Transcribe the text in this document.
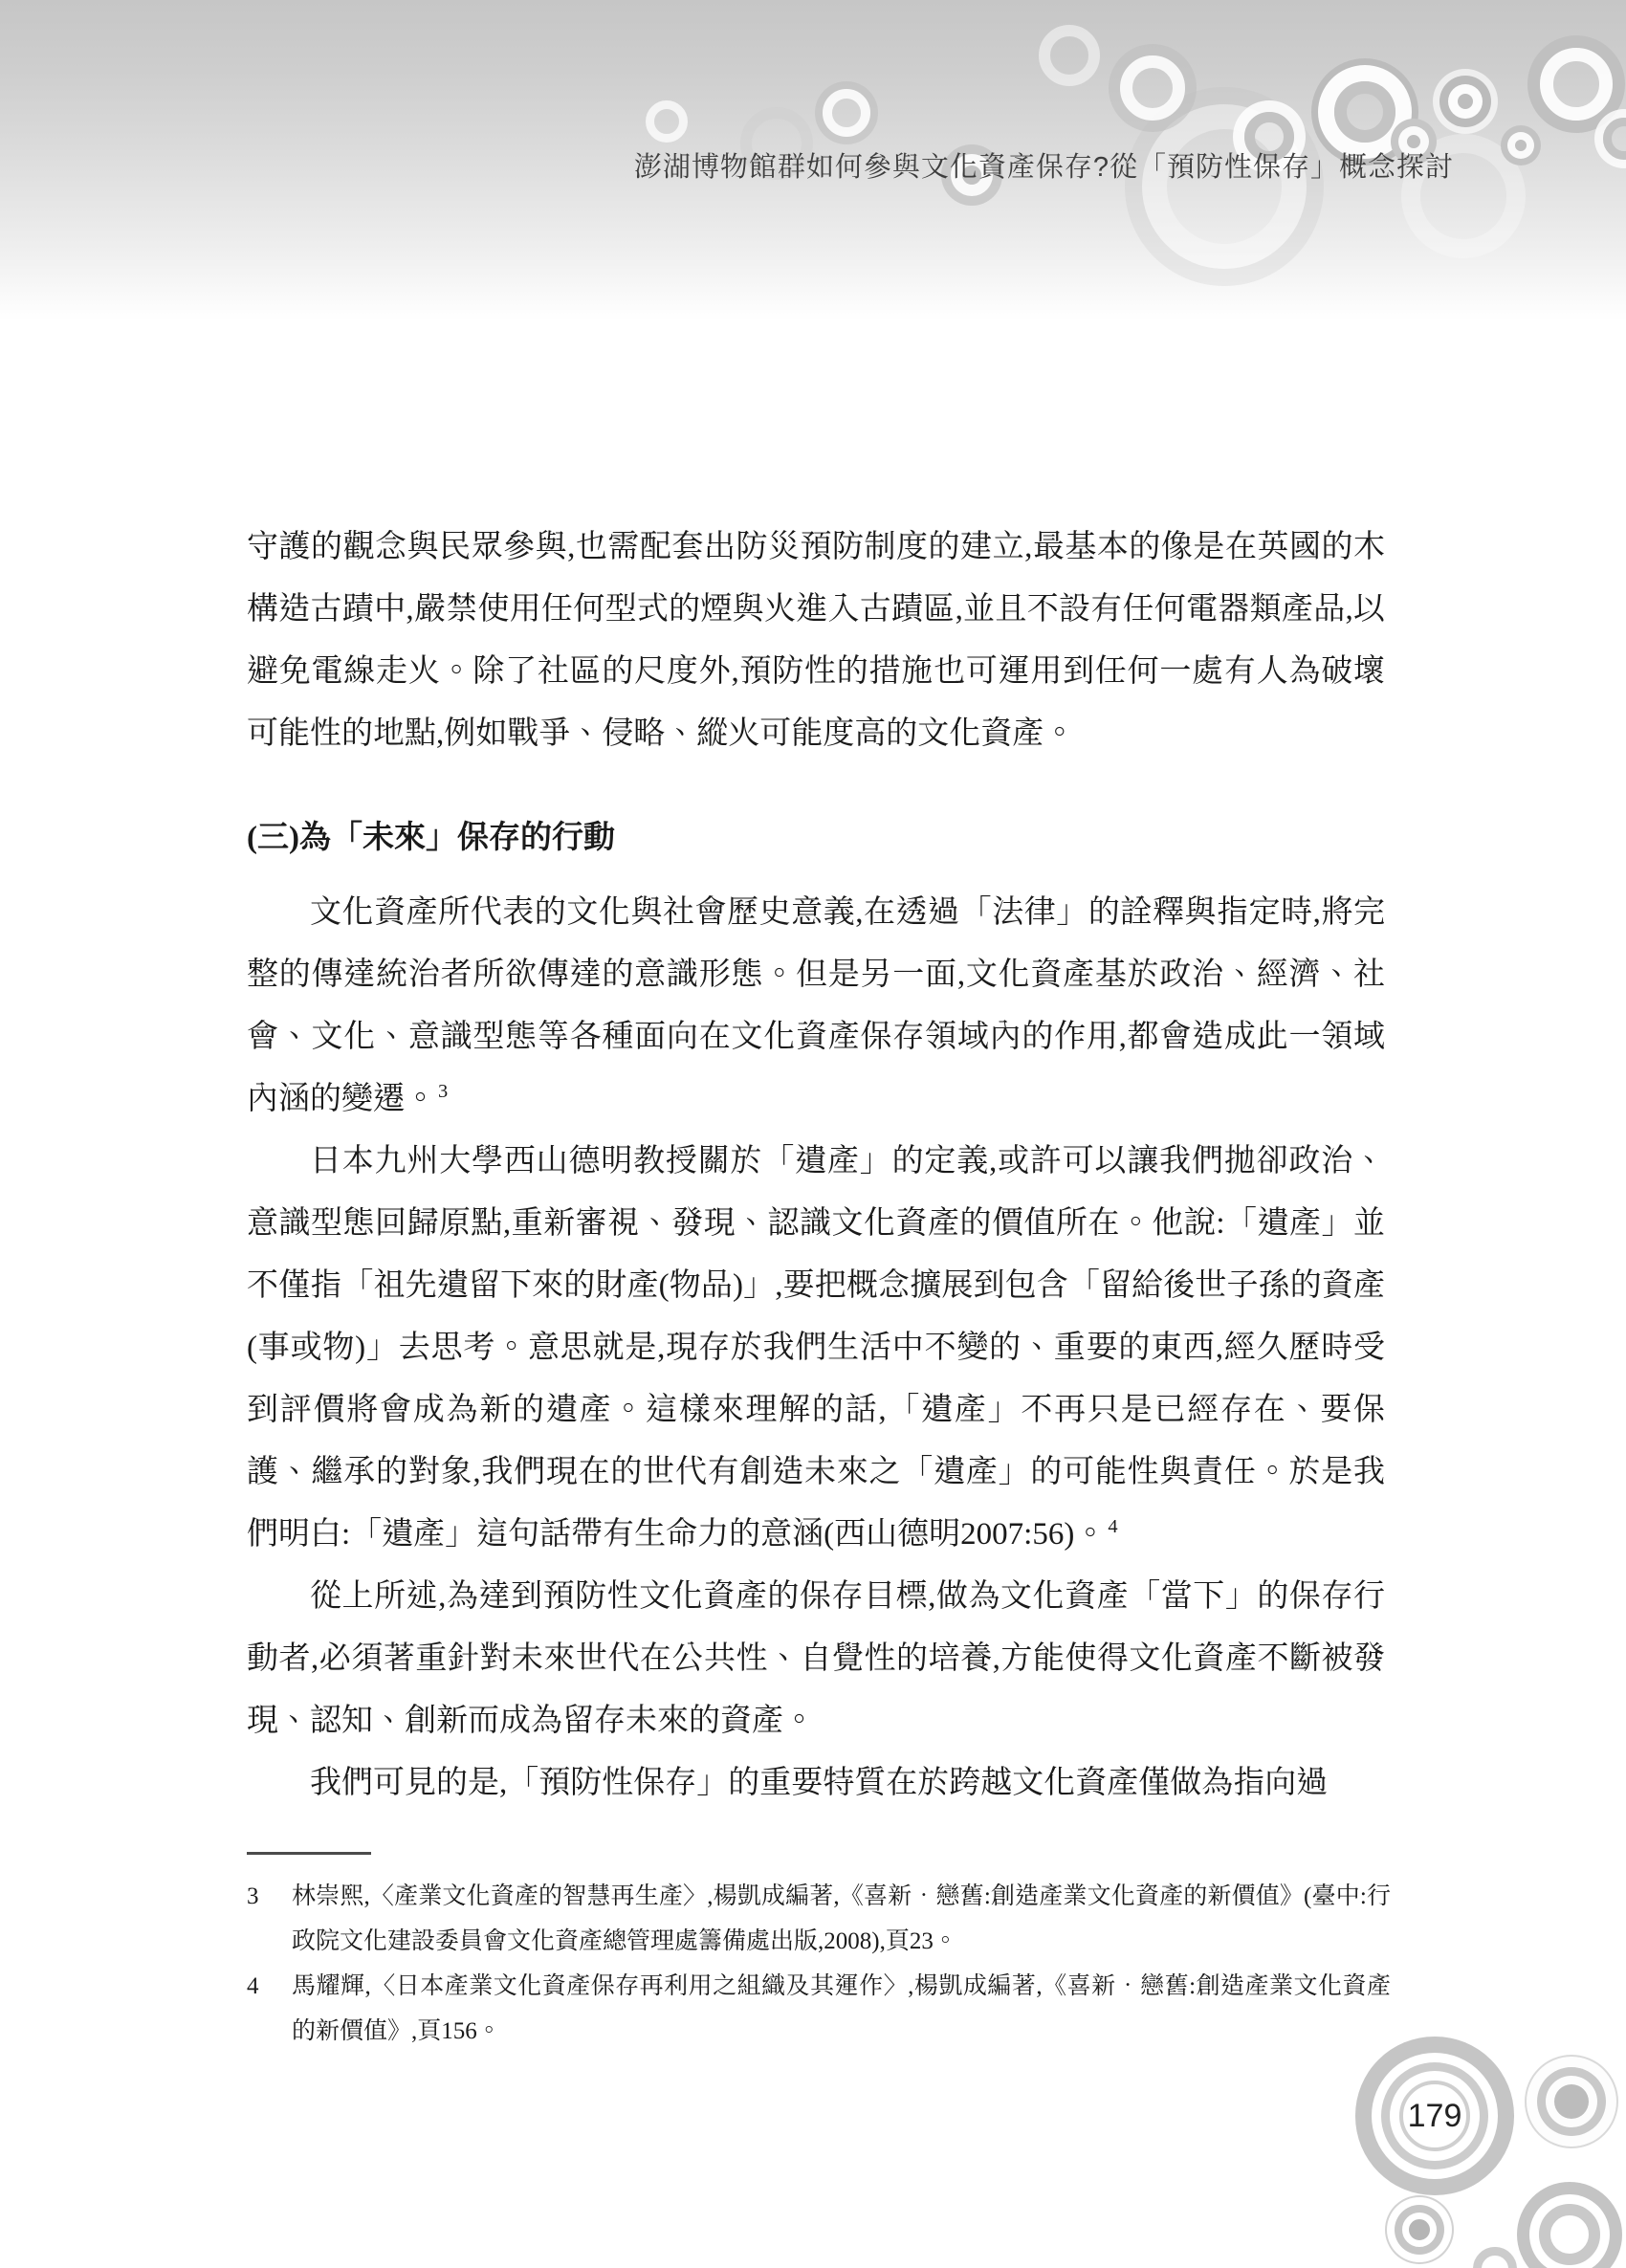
澎湖博物館群如何參與文化資產保存?從「預防性保存」概念探討
守護的觀念與民眾參與,也需配套出防災預防制度的建立,最基本的像是在英國的木構造古蹟中,嚴禁使用任何型式的煙與火進入古蹟區,並且不設有任何電器類產品,以避免電線走火。除了社區的尺度外,預防性的措施也可運用到任何一處有人為破壞可能性的地點,例如戰爭、侵略、縱火可能度高的文化資產。
(三)為「未來」保存的行動
文化資產所代表的文化與社會歷史意義,在透過「法律」的詮釋與指定時,將完整的傳達統治者所欲傳達的意識形態。但是另一面,文化資產基於政治、經濟、社會、文化、意識型態等各種面向在文化資產保存領域內的作用,都會造成此一領域內涵的變遷。$^3$
日本九州大學西山德明教授關於「遺產」的定義,或許可以讓我們拋卻政治、意識型態回歸原點,重新審視、發現、認識文化資產的價值所在。他說:「遺產」並不僅指「祖先遺留下來的財產(物品)」,要把概念擴展到包含「留給後世子孫的資產(事或物)」去思考。意思就是,現存於我們生活中不變的、重要的東西,經久歷時受到評價將會成為新的遺產。這樣來理解的話,「遺產」不再只是已經存在、要保護、繼承的對象,我們現在的世代有創造未來之「遺產」的可能性與責任。於是我們明白:「遺產」這句話帶有生命力的意涵(西山德明2007:56)。$^4$
從上所述,為達到預防性文化資產的保存目標,做為文化資產「當下」的保存行動者,必須著重針對未來世代在公共性、自覺性的培養,方能使得文化資產不斷被發現、認知、創新而成為留存未來的資產。
我們可見的是,「預防性保存」的重要特質在於跨越文化資產僅做為指向過
3	林崇熙,〈產業文化資產的智慧再生產〉,楊凱成編著,《喜新‧戀舊:創造產業文化資產的新價值》(臺中:行政院文化建設委員會文化資產總管理處籌備處出版,2008),頁23。
4	馬耀輝,〈日本產業文化資產保存再利用之組織及其運作〉,楊凱成編著,《喜新‧戀舊:創造產業文化資產的新價值》,頁156。
179
